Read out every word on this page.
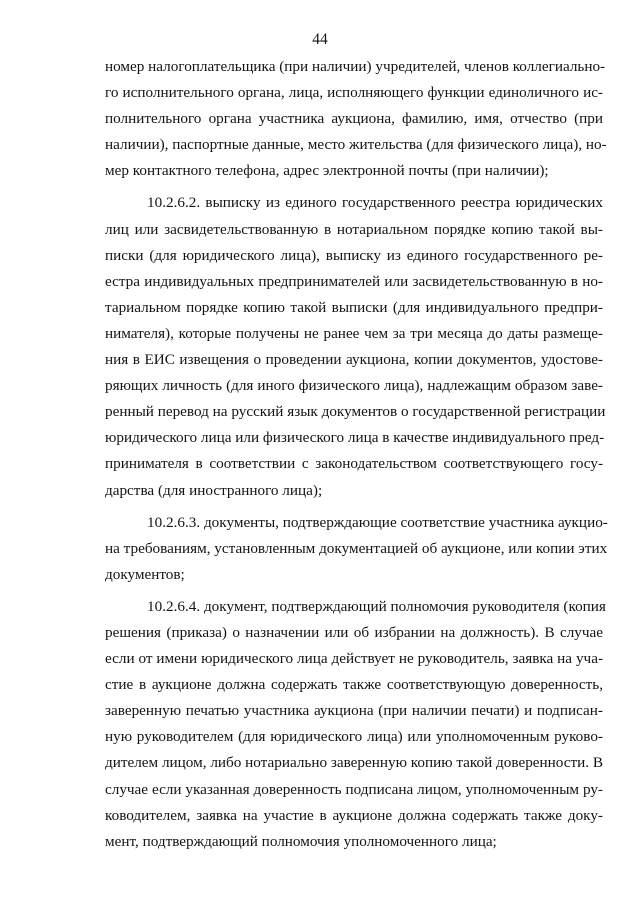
44
номер налогоплательщика (при наличии) учредителей, членов коллегиально-
го исполнительного органа, лица, исполняющего функции единоличного ис-
полнительного органа участника аукциона, фамилию, имя, отчество (при
наличии), паспортные данные, место жительства (для физического лица), но-
мер контактного телефона, адрес электронной почты (при наличии);
10.2.6.2. выписку из единого государственного реестра юридических
лиц или засвидетельствованную в нотариальном порядке копию такой вы-
писки (для юридического лица), выписку из единого государственного ре-
естра индивидуальных предпринимателей или засвидетельствованную в но-
тариальном порядке копию такой выписки (для индивидуального предпри-
нимателя), которые получены не ранее чем за три месяца до даты размеще-
ния в ЕИС извещения о проведении аукциона, копии документов, удостове-
ряющих личность (для иного физического лица), надлежащим образом заве-
ренный перевод на русский язык документов о государственной регистрации
юридического лица или физического лица в качестве индивидуального пред-
принимателя в соответствии с законодательством соответствующего госу-
дарства (для иностранного лица);
10.2.6.3. документы, подтверждающие соответствие участника аукцио-
на требованиям, установленным документацией об аукционе, или копии этих
документов;
10.2.6.4. документ, подтверждающий полномочия руководителя (копия
решения (приказа) о назначении или об избрании на должность). В случае
если от имени юридического лица действует не руководитель, заявка на уча-
стие в аукционе должна содержать также соответствующую доверенность,
заверенную печатью участника аукциона (при наличии печати) и подписан-
ную руководителем (для юридического лица) или уполномоченным руково-
дителем лицом, либо нотариально заверенную копию такой доверенности. В
случае если указанная доверенность подписана лицом, уполномоченным ру-
ководителем, заявка на участие в аукционе должна содержать также доку-
мент, подтверждающий полномочия уполномоченного лица;
